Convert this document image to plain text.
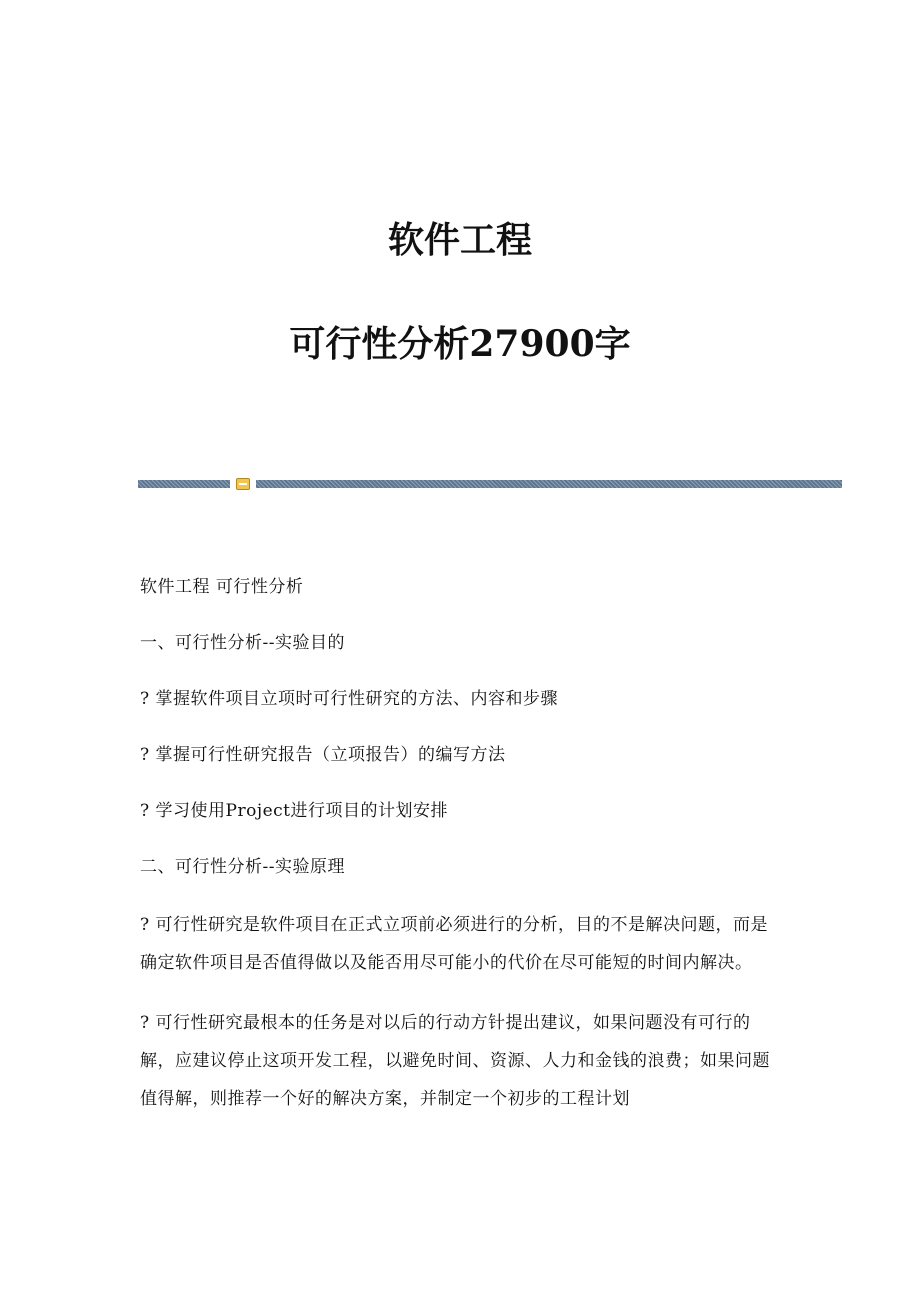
软件工程
可行性分析27900字

软件工程 可行性分析

一、可行性分析--实验目的

? 掌握软件项目立项时可行性研究的方法、内容和步骤

? 掌握可行性研究报告（立项报告）的编写方法

? 学习使用Project进行项目的计划安排

二、可行性分析--实验原理

? 可行性研究是软件项目在正式立项前必须进行的分析，目的不是解决问题，而是确定软件项目是否值得做以及能否用尽可能小的代价在尽可能短的时间内解决。

? 可行性研究最根本的任务是对以后的行动方针提出建议，如果问题没有可行的解，应建议停止这项开发工程，以避免时间、资源、人力和金钱的浪费；如果问题值得解，则推荐一个好的解决方案，并制定一个初步的工程计划
